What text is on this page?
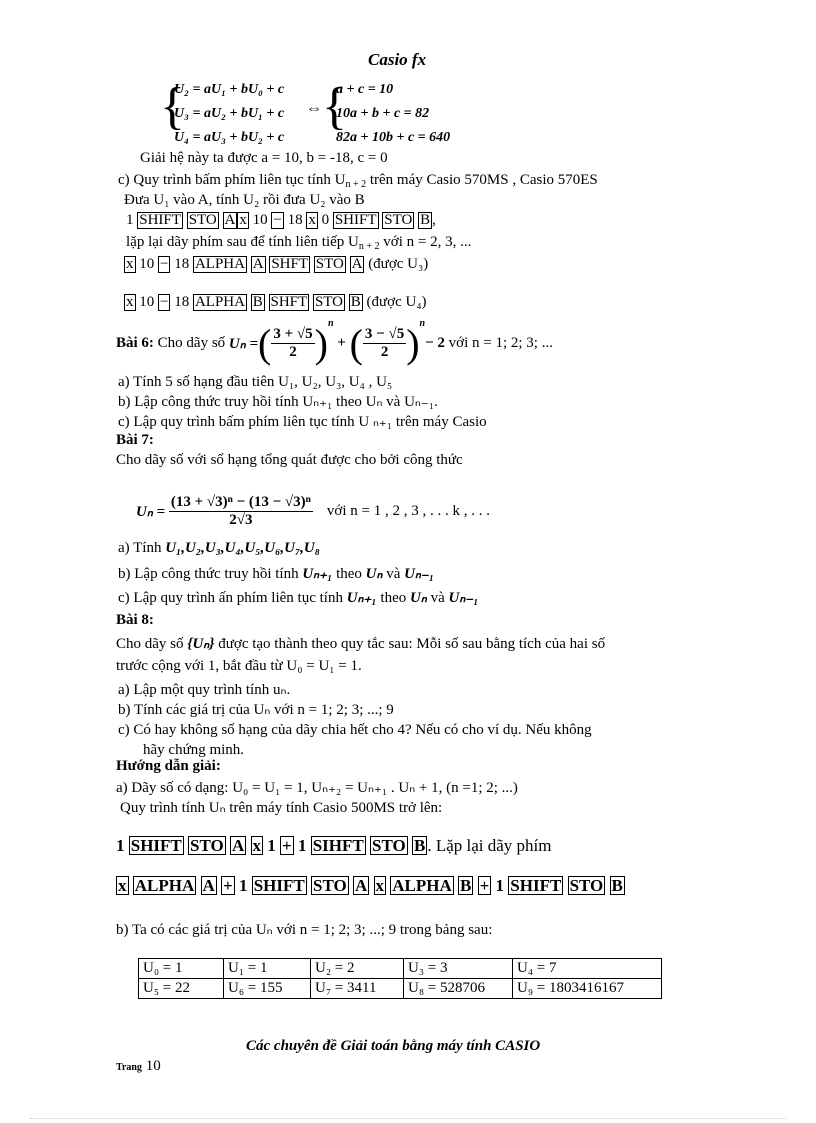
Casio fx
{
U₂ = aU₁ + bU₀ + c
U₃ = aU₂ + bU₁ + c
U₄ = aU₃ + bU₂ + c
⇔ {
a + c = 10
10a + b + c = 82
82a + 10b + c = 640
Giải hệ này ta được a = 10, b = -18, c = 0
c) Quy trình bấm phím liên tục tính $U_{n + 2}$ trên máy Casio 570MS , Casio 570ES
Đưa U₁ vào A, tính U₂ rồi đưa U₂ vào B
1 SHIFT STO A x 10 − 18 x 0 SHIFT STO B ,
lặp lại dãy phím sau để tính liên tiếp $U_{n + 2}$ với n = 2, 3, ...
x 10 − 18 ALPHA A SHFT STO A (được U₃)
x 10 − 18 ALPHA B SHFT STO B (được U₄)
Bài 6:
Cho dãy số
Uₙ = ( $\frac{3 + √5}{2} )^n$
+ ( $\frac{3 - √5}{2} )^n$
− 2
với n = 1; 2; 3; ...
a) Tính 5 số hạng đầu tiên U₁, U₂, U₃, U₄ , U₅
b) Lập công thức truy hồi tính Uₙ₊₁ theo Uₙ và Uₙ₋₁.
c) Lập quy trình bấm phím liên tục tính U ₙ₊₁ trên máy Casio
Bài 7:
Cho dãy số với số hạng tổng quát được cho bởi công thức
Uₙ =
$\frac{\text{(13 + √3)ⁿ − (13 − √3)ⁿ}}{2√3}$ với n = 1 , 2 , 3 , . . . k , . . .
a) Tính U₁,U₂,U₃,U₄,U₅,U₆,U₇,U₈
b) Lập công thức truy hồi tính Uₙ₊₁ theo Uₙ và Uₙ₋₁
c) Lập quy trình ấn phím liên tục tính Uₙ₊₁ theo Uₙ và Uₙ₋₁
Bài 8:
Cho dãy số {Uₙ} được tạo thành theo quy tắc sau: Mỗi số sau bằng tích của hai số
trước cộng với 1, bắt đầu từ U₀ = U₁ = 1.
a) Lập một quy trình tính uₙ.
b) Tính các giá trị của Uₙ với n = 1; 2; 3; ...; 9
c) Có hay không số hạng của dãy chia hết cho 4? Nếu có cho ví dụ. Nếu không
hãy chứng minh.
Hướng dẫn giải:
a) Dãy số có dạng: U₀ = U₁ = 1, Uₙ₊₂ = Uₙ₊₁ . Uₙ + 1, (n =1; 2; ...)
Quy trình tính Uₙ trên máy tính Casio 500MS trở lên:
1 SHIFT STO A x 1 + 1 SIHFT STO B . Lặp lại dãy phím
x ALPHA A + 1 SHIFT STO A x ALPHA B + 1 SHIFT STO B
b) Ta có các giá trị của Uₙ với n = 1; 2; 3; ...; 9 trong bảng sau:
U₀ = 1	U₁ = 1	U₂ = 2	U₃ = 3	U₄ = 7
U₅ = 22	U₆ = 155	U₇ = 3411	U₈ = 528706	U₉ = 1803416167
Các chuyên đề Giải toán bằng máy tính CASIO
Trang 10
